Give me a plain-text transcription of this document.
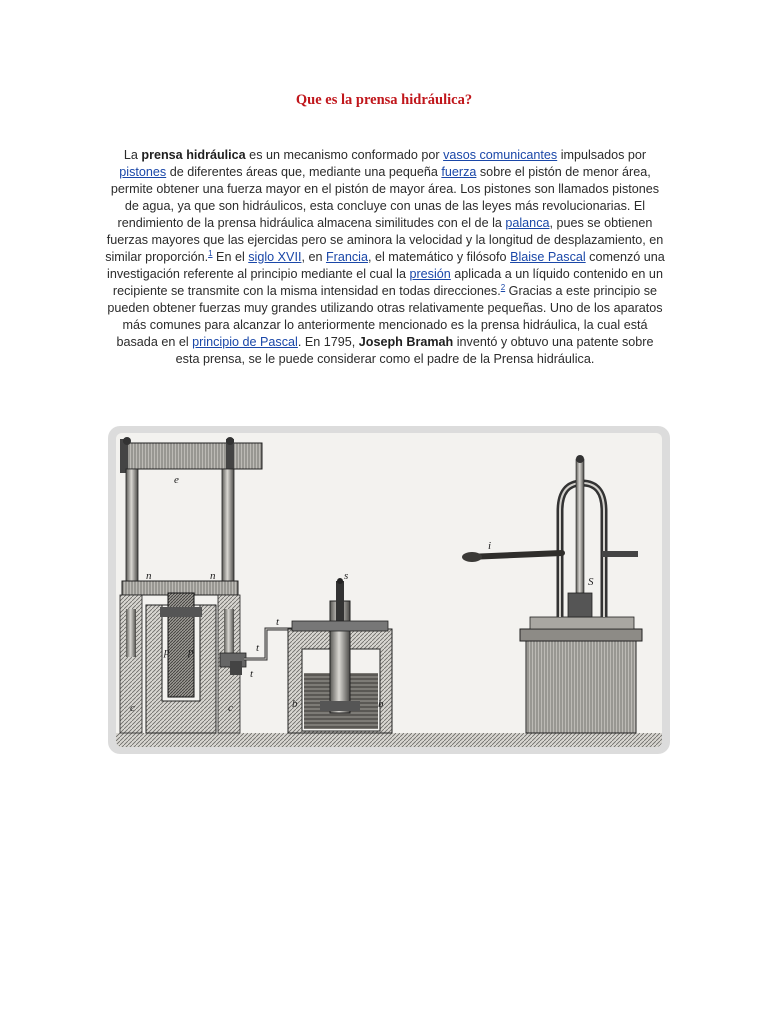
Que es la prensa hidráulica?

La prensa hidráulica es un mecanismo conformado por vasos comunicantes impulsados por pistones de diferentes áreas que, mediante una pequeña fuerza sobre el pistón de menor área, permite obtener una fuerza mayor en el pistón de mayor área. Los pistones son llamados pistones de agua, ya que son hidráulicos, esta concluye con unas de las leyes más revolucionarias. El rendimiento de la prensa hidráulica almacena similitudes con el de la palanca, pues se obtienen fuerzas mayores que las ejercidas pero se aminora la velocidad y la longitud de desplazamiento, en similar proporción.$^1$ En el siglo XVII, en Francia, el matemático y filósofo Blaise Pascal comenzó una investigación referente al principio mediante el cual la presión aplicada a un líquido contenido en un recipiente se transmite con la misma intensidad en todas direcciones.$^2$ Gracias a este principio se pueden obtener fuerzas muy grandes utilizando otras relativamente pequeñas. Uno de los aparatos más comunes para alcanzar lo anteriormente mencionado es la prensa hidráulica, la cual está basada en el principio de Pascal. En 1795, Joseph Bramah inventó y obtuvo una patente sobre esta prensa, se le puede considerar como el padre de la Prensa hidráulica.

e
n	n
p p
c	c
t
t
t
s
b	b
i
S
